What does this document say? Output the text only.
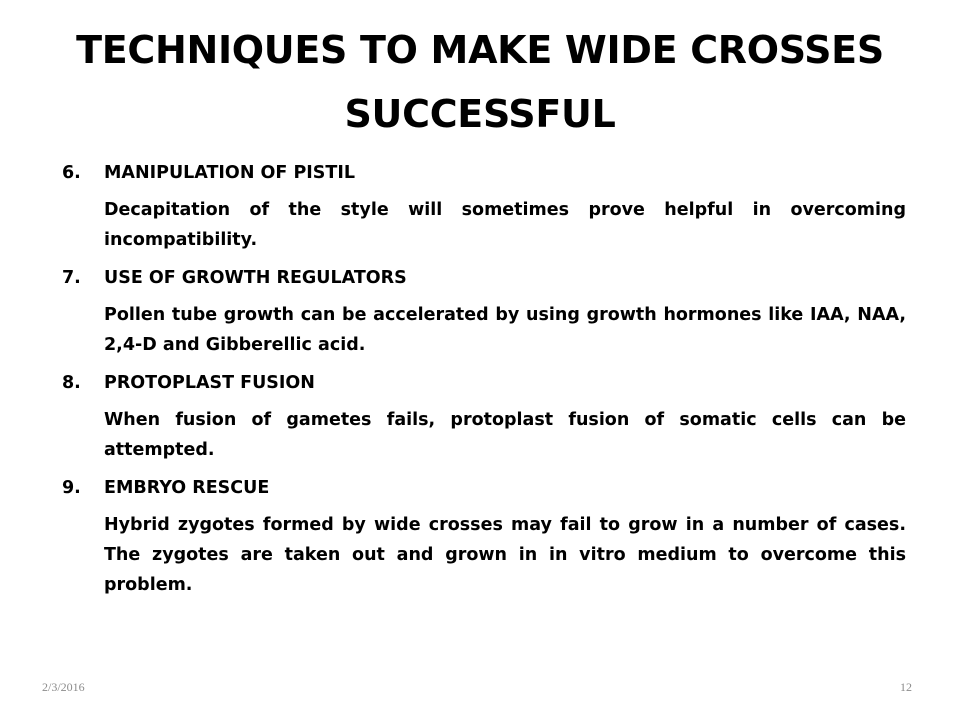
TECHNIQUES TO MAKE WIDE CROSSES
SUCCESSFUL
6.	MANIPULATION OF PISTIL
Decapitation of the style will sometimes prove helpful in overcoming incompatibility.
7.	USE OF GROWTH REGULATORS
Pollen tube growth can be accelerated by using growth hormones like IAA, NAA, 2,4-D and Gibberellic acid.
8.	PROTOPLAST FUSION
When fusion of gametes fails, protoplast fusion of somatic cells can be attempted.
9.	EMBRYO RESCUE
Hybrid zygotes formed by wide crosses may fail to grow in a number of cases. The zygotes are taken out and grown in in vitro medium to overcome this problem.
2/3/2016	12
